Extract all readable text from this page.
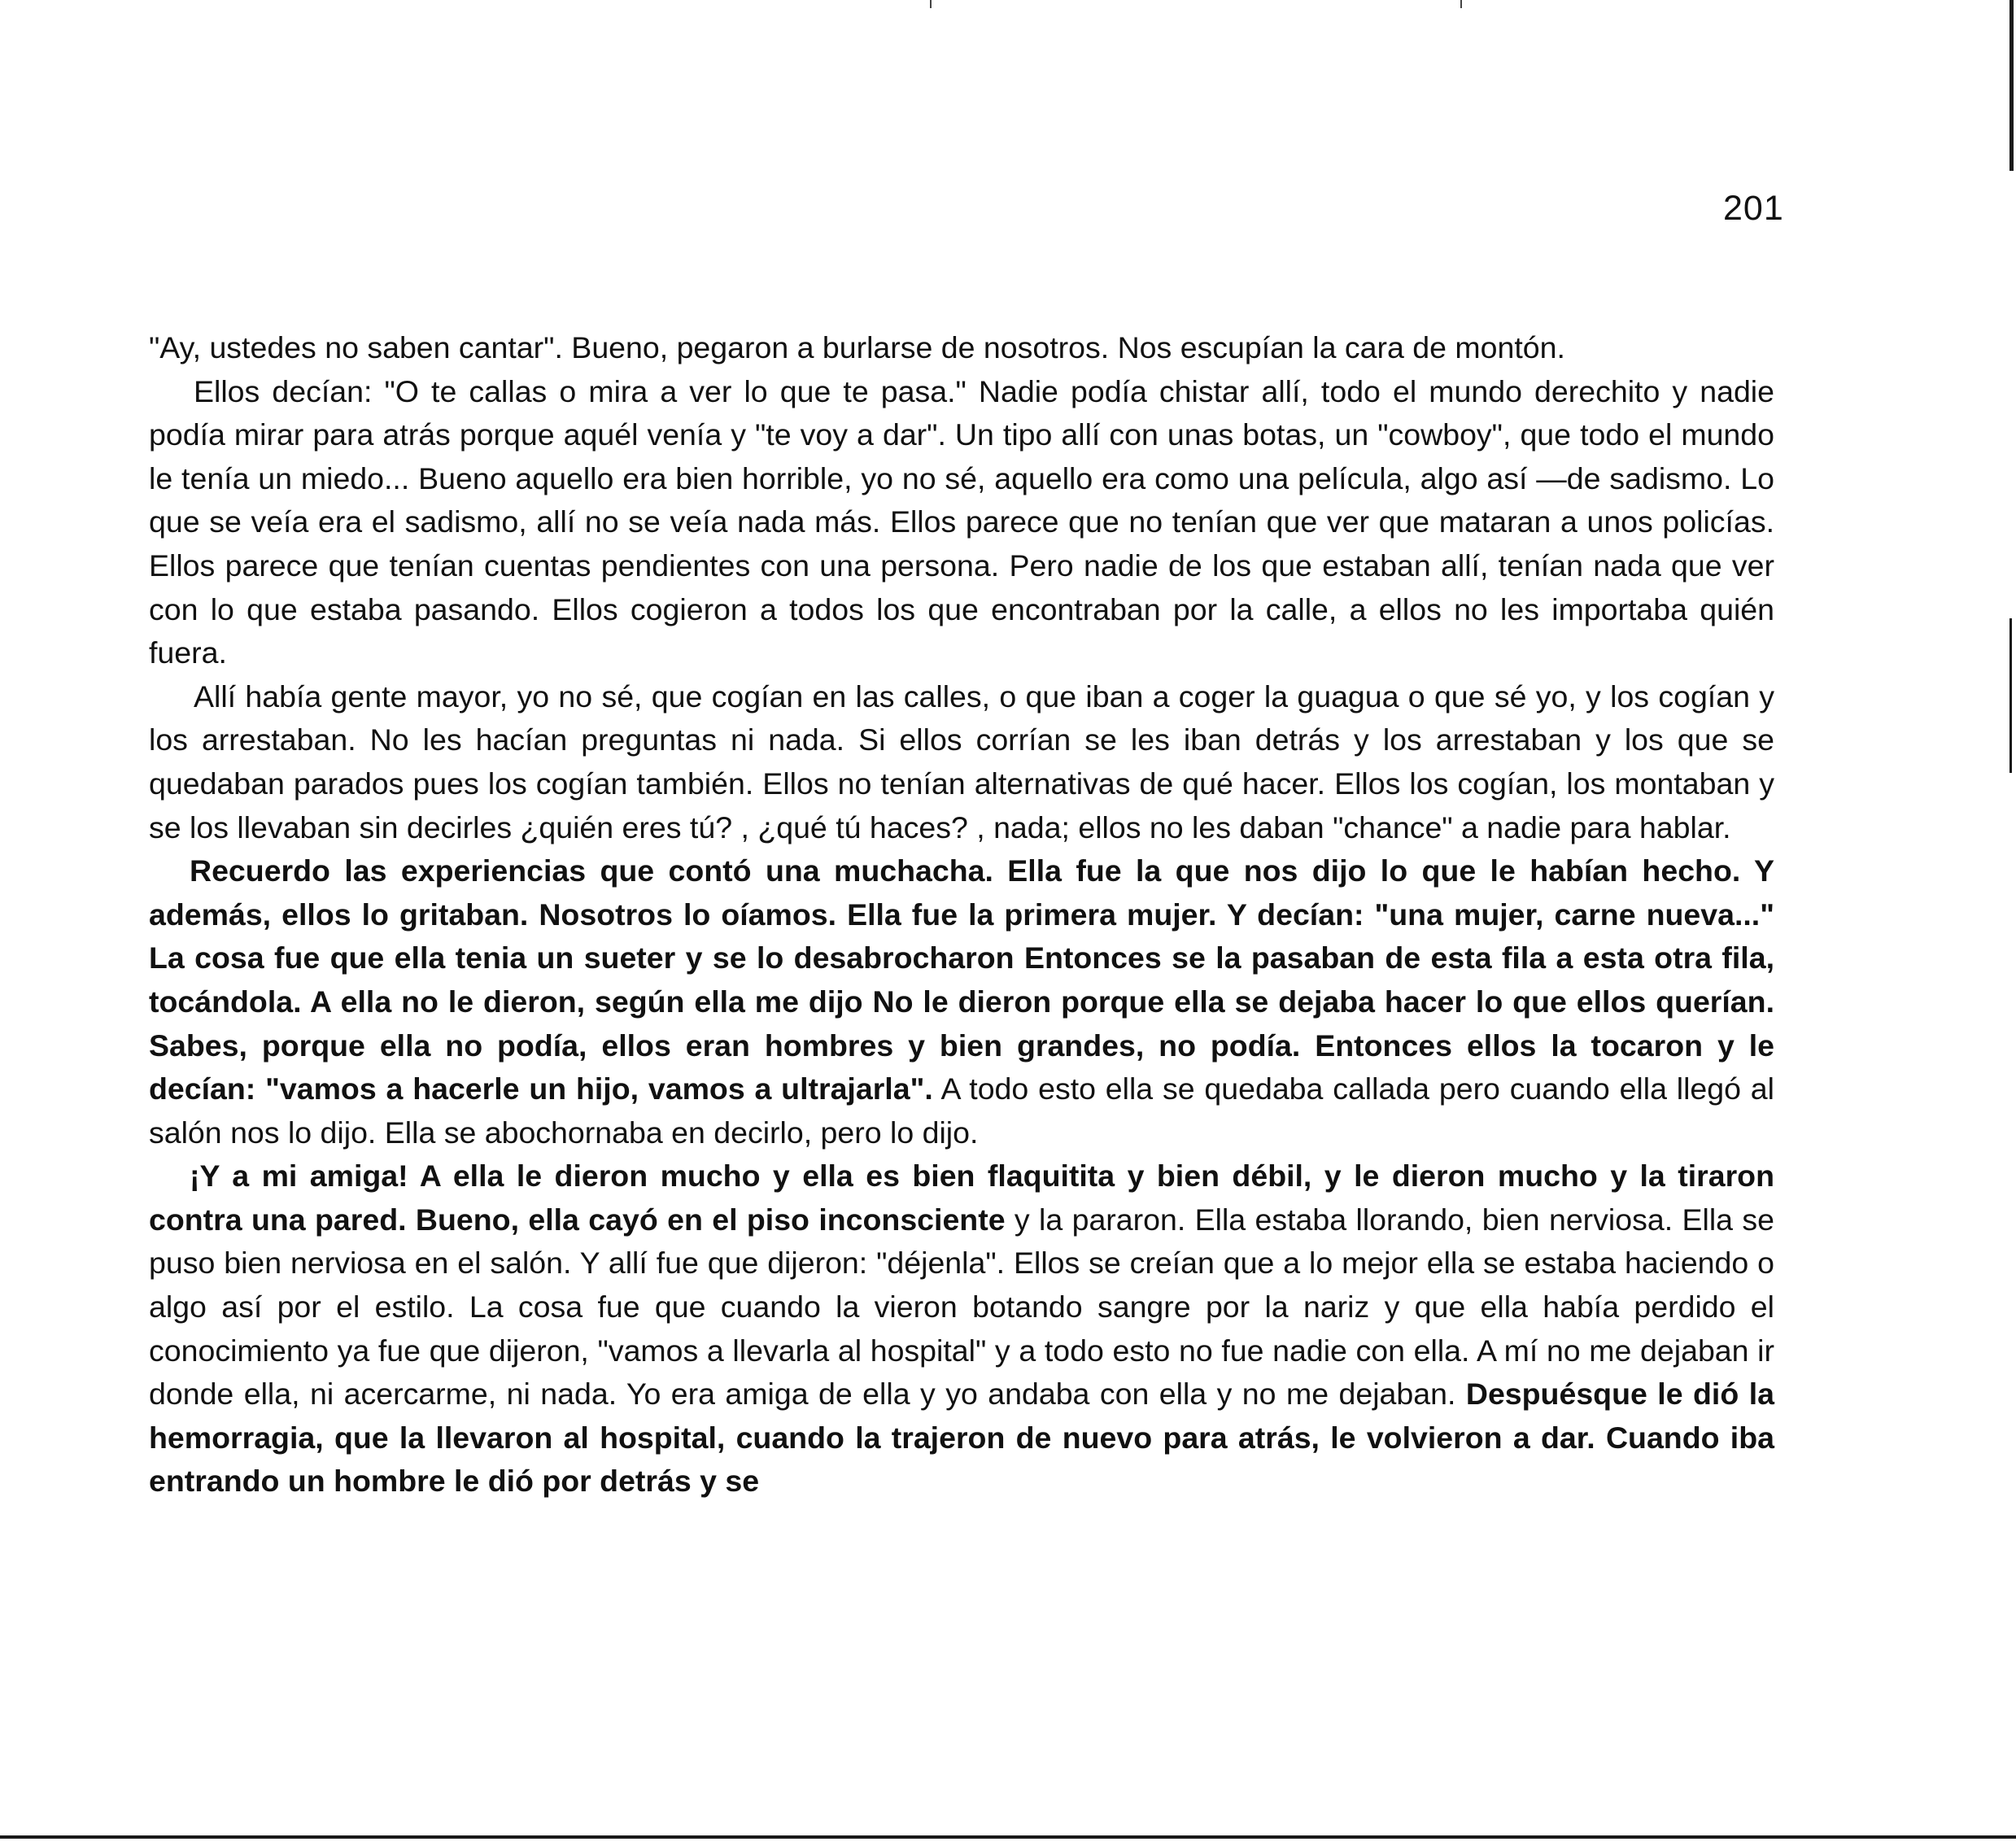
201

"Ay, ustedes no saben cantar". Bueno, pegaron a burlarse de nosotros. Nos escupían la cara de montón.

Ellos decían: "O te callas o mira a ver lo que te pasa." Nadie podía chistar allí, todo el mundo derechito y nadie podía mirar para atrás porque aquél venía y "te voy a dar". Un tipo allí con unas botas, un "cowboy", que todo el mundo le tenía un miedo... Bueno aquello era bien horrible, yo no sé, aquello era como una película, algo así —de sadismo. Lo que se veía era el sadismo, allí no se veía nada más. Ellos parece que no tenían que ver que mataran a unos policías. Ellos parece que tenían cuentas pendientes con una persona. Pero nadie de los que estaban allí, tenían nada que ver con lo que estaba pasando. Ellos cogieron a todos los que encontraban por la calle, a ellos no les importaba quién fuera.

Allí había gente mayor, yo no sé, que cogían en las calles, o que iban a coger la guagua o que sé yo, y los cogían y los arrestaban. No les hacían preguntas ni nada. Si ellos corrían se les iban detrás y los arrestaban y los que se quedaban parados pues los cogían también. Ellos no tenían alternativas de qué hacer. Ellos los cogían, los montaban y se los llevaban sin decirles ¿quién eres tú? , ¿qué tú haces? , nada; ellos no les daban "chance" a nadie para hablar.

Recuerdo las experiencias que contó una muchacha. Ella fue la que nos dijo lo que le habían hecho. Y además, ellos lo gritaban. Nosotros lo oíamos. Ella fue la primera mujer. Y decían: "una mujer, carne nueva..." La cosa fue que ella tenia un sueter y se lo desabrocharon Entonces se la pasaban de esta fila a esta otra fila, tocándola. A ella no le dieron, según ella me dijo No le dieron porque ella se dejaba hacer lo que ellos querían. Sabes, porque ella no podía, ellos eran hombres y bien grandes, no podía. Entonces ellos la tocaron y le decían: "vamos a hacerle un hijo, vamos a ultrajarla". A todo esto ella se quedaba callada pero cuando ella llegó al salón nos lo dijo. Ella se abochornaba en decirlo, pero lo dijo.

¡Y a mi amiga! A ella le dieron mucho y ella es bien flaquitita y bien débil, y le dieron mucho y la tiraron contra una pared. Bueno, ella cayó en el piso inconsciente y la pararon. Ella estaba llorando, bien nerviosa. Ella se puso bien nerviosa en el salón. Y allí fue que dijeron: "déjenla". Ellos se creían que a lo mejor ella se estaba haciendo o algo así por el estilo. La cosa fue que cuando la vieron botando sangre por la nariz y que ella había perdido el conocimiento ya fue que dijeron, "vamos a llevarla al hospital" y a todo esto no fue nadie con ella. A mí no me dejaban ir donde ella, ni acercarme, ni nada. Yo era amiga de ella y yo andaba con ella y no me dejaban. Despuésque le dió la hemorragia, que la llevaron al hospital, cuando la trajeron de nuevo para atrás, le volvieron a dar. Cuando iba entrando un hombre le dió por detrás y se
